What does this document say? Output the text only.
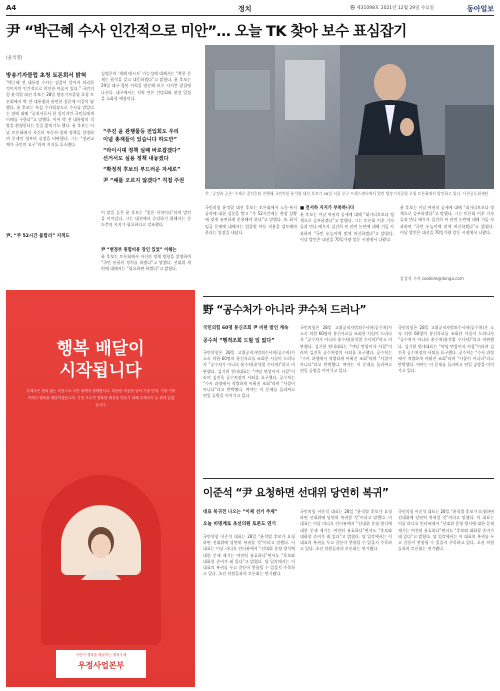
A4	정치	㉿ 제31098호 2021년 12월 29일 수요일	동아일보
尹 “박근혜 수사 인간적으로 미안”… 오늘 TK 찾아 보수 표심잡기
(윤석열)
방송기자클럽 초청 토론회서 밝혀
“박근혜 전 대통령 수사는 검찰이 알아서 처리한 것이지만 인간적으로 미안한 마음이 있다.” 국민의힘 윤석열 대선 후보는 28일 방송기자클럽 초청 토론회에서 박 전 대통령과 관련한 질문에 이같이 답했다. 윤 후보는 특검 수사팀장으로 수사를 맡았다는 점에 대해 “공직자로서 한 일이지만 국민들에게 이해를 구한다”고 말했다. 이어 박 전 대통령의 석방을 환영한다는 뜻을 밝히기도 했다. 윤 후보는 이날 토론회에서 자신의 부동산·경제 정책을 설명하며 문재인 정부의 실정을 비판했다. 그는 “정권교체가 국민의 요구”라며 지지를 호소했다.
尹, “주 52시간 불합리” 지적도
김정은의 ‘새해 메시지’ 가능성에 대해서는 “북한 문제는 원칙을 갖고 대응하겠다”고 밝혔다. 윤 후보는 29일 대구·경북 지역을 방문해 보수 지지층 결집에 나선다. 대구에서는 지역 언론 간담회와 현장 일정을 소화할 예정이다.
“주진 윤 관행물등 전입회도 우리
이념 총재들이 있습니다 하도만”
“라이시대 정책 실패 바로잡겠다”
선거서도 실용 정책 내놓겠다
“확정적 후보의 부드러운 자세로”
尹 “쌔를 오르지 않겠다” 직접 주권
이 말을 들은 윤 후보는 “좋은 지적이다”라며 발언을 이어갔다. 그는 대선에서 승리하기 위해서는 중도층의 지지가 필요하다고 강조했다.
尹 “현정부 통합비용 장인 있었” 이해는
윤 후보는 토론회에서 자신의 정책 방향을 설명하며 “국민 통합의 정치를 하겠다”고 말했다. 선대위 개편에 대해서는 “필요하면 하겠다”고 밝혔다.
尹, ‘공정과 공존’ 주제로 질의응답 진행해 국민의힘 윤석열 대선 후보가 28일 서울 중구 프레스센터에서 열린 방송기자클럽 초청 토론회에서 발언하고 있다. 사진공동취재단
국민의힘 윤석열 대선 후보는 토론회에서 노동·복지 공약에 대한 질문을 받고 “주 52시간제는 현장 상황에 맞게 유연하게 운용해야 한다”고 말했다. 또 최저임금 문제에 대해서는 업종별 차등 적용을 검토해야 한다는 입장을 내놨다.
■ 전서하 지지가 부족하니다
윤 후보는 이날 여권의 공세에 대해 “네거티브보다 정책으로 승부하겠다”고 말했다. 그는 토론회 이후 기자들과 만나 배우자 김건희 씨 관련 논란에 대해 거듭 사과하며 “국민 눈높이에 맞게 처신하겠다”고 밝혔다. 이날 발언은 대선을 70일가량 앞둔 시점에서 나왔다.
윤 후보는 이날 여권의 공세에 대해 “네거티브보다 정책으로 승부하겠다”고 말했다. 그는 토론회 이후 기자들과 만나 배우자 김건희 씨 관련 논란에 대해 거듭 사과하며 “국민 눈높이에 맞게 처신하겠다”고 밝혔다. 이날 발언은 대선을 70일가량 앞둔 시점에서 나왔다.
강경석 기자 coolkim@donga.com
행복 배달이
시작됩니다
우체국은 변치 않는 마음으로 국민 곁에서 함께합니다. 따뜻한 마음을 담아 가장 먼저, 가장 가까이에서 행복을 배달하겠습니다. 국민 모두가 행복한 세상을 만들기 위해 우체국이 늘 곁에 있겠습니다.
국민이 행복을 배달하는 행복우체
우정사업본부
野 “공수처가 아니라 尹수처 드러나”
국민의힘 60명 통신조회 尹 비판 발언 계속
공수처 “행적조회 드릴 일 없다”
국민의힘은 28일 고위공직자범죄수사처(공수처)가 소속 의원 60명의 통신자료를 조회한 사실이 드러나자 “공수처가 아니라 윤수처(윤석열 수사처)”라고 비판했다. 김기현 원내대표는 “야당 탄압이자 사찰”이라며 김진욱 공수처장의 사퇴를 요구했다. 공수처는 “수사 과정에서 적법하게 이뤄진 조회”라며 “사찰이 아니다”라고 반박했다. 여야는 이 문제를 둘러싸고 연일 공방을 이어가고 있다.
국민의힘은 28일 고위공직자범죄수사처(공수처)가 소속 의원 60명의 통신자료를 조회한 사실이 드러나자 “공수처가 아니라 윤수처(윤석열 수사처)”라고 비판했다. 김기현 원내대표는 “야당 탄압이자 사찰”이라며 김진욱 공수처장의 사퇴를 요구했다. 공수처는 “수사 과정에서 적법하게 이뤄진 조회”라며 “사찰이 아니다”라고 반박했다. 여야는 이 문제를 둘러싸고 연일 공방을 이어가고 있다.
국민의힘은 28일 고위공직자범죄수사처(공수처)가 소속 의원 60명의 통신자료를 조회한 사실이 드러나자 “공수처가 아니라 윤수처(윤석열 수사처)”라고 비판했다. 김기현 원내대표는 “야당 탄압이자 사찰”이라며 김진욱 공수처장의 사퇴를 요구했다. 공수처는 “수사 과정에서 적법하게 이뤄진 조회”라며 “사찰이 아니다”라고 반박했다. 여야는 이 문제를 둘러싸고 연일 공방을 이어가고 있다.
이준석 “尹 요청하면 선대위 당연히 복귀”
대표 복귀전 나오는 “이제 선거 주제”
오늘 비명계로 초선의원 토론도 연기
국민의힘 이준석 대표는 28일 “윤석열 후보가 요청하면 선대위에 당연히 복귀할 것”이라고 말했다. 이 대표는 이날 라디오 인터뷰에서 “선대위 운영 방식에 대한 문제 제기는 여전히 유효하다”면서도 “후보와 대화할 준비가 돼 있다”고 밝혔다. 당 일각에서는 이 대표의 복귀를 두고 갈등이 봉합될 수 있을지 주목하고 있다. 초선 의원들과의 토론회는 연기됐다.
국민의힘 이준석 대표는 28일 “윤석열 후보가 요청하면 선대위에 당연히 복귀할 것”이라고 말했다. 이 대표는 이날 라디오 인터뷰에서 “선대위 운영 방식에 대한 문제 제기는 여전히 유효하다”면서도 “후보와 대화할 준비가 돼 있다”고 밝혔다. 당 일각에서는 이 대표의 복귀를 두고 갈등이 봉합될 수 있을지 주목하고 있다. 초선 의원들과의 토론회는 연기됐다.
국민의힘 이준석 대표는 28일 “윤석열 후보가 요청하면 선대위에 당연히 복귀할 것”이라고 말했다. 이 대표는 이날 라디오 인터뷰에서 “선대위 운영 방식에 대한 문제 제기는 여전히 유효하다”면서도 “후보와 대화할 준비가 돼 있다”고 밝혔다. 당 일각에서는 이 대표의 복귀를 두고 갈등이 봉합될 수 있을지 주목하고 있다. 초선 의원들과의 토론회는 연기됐다.
